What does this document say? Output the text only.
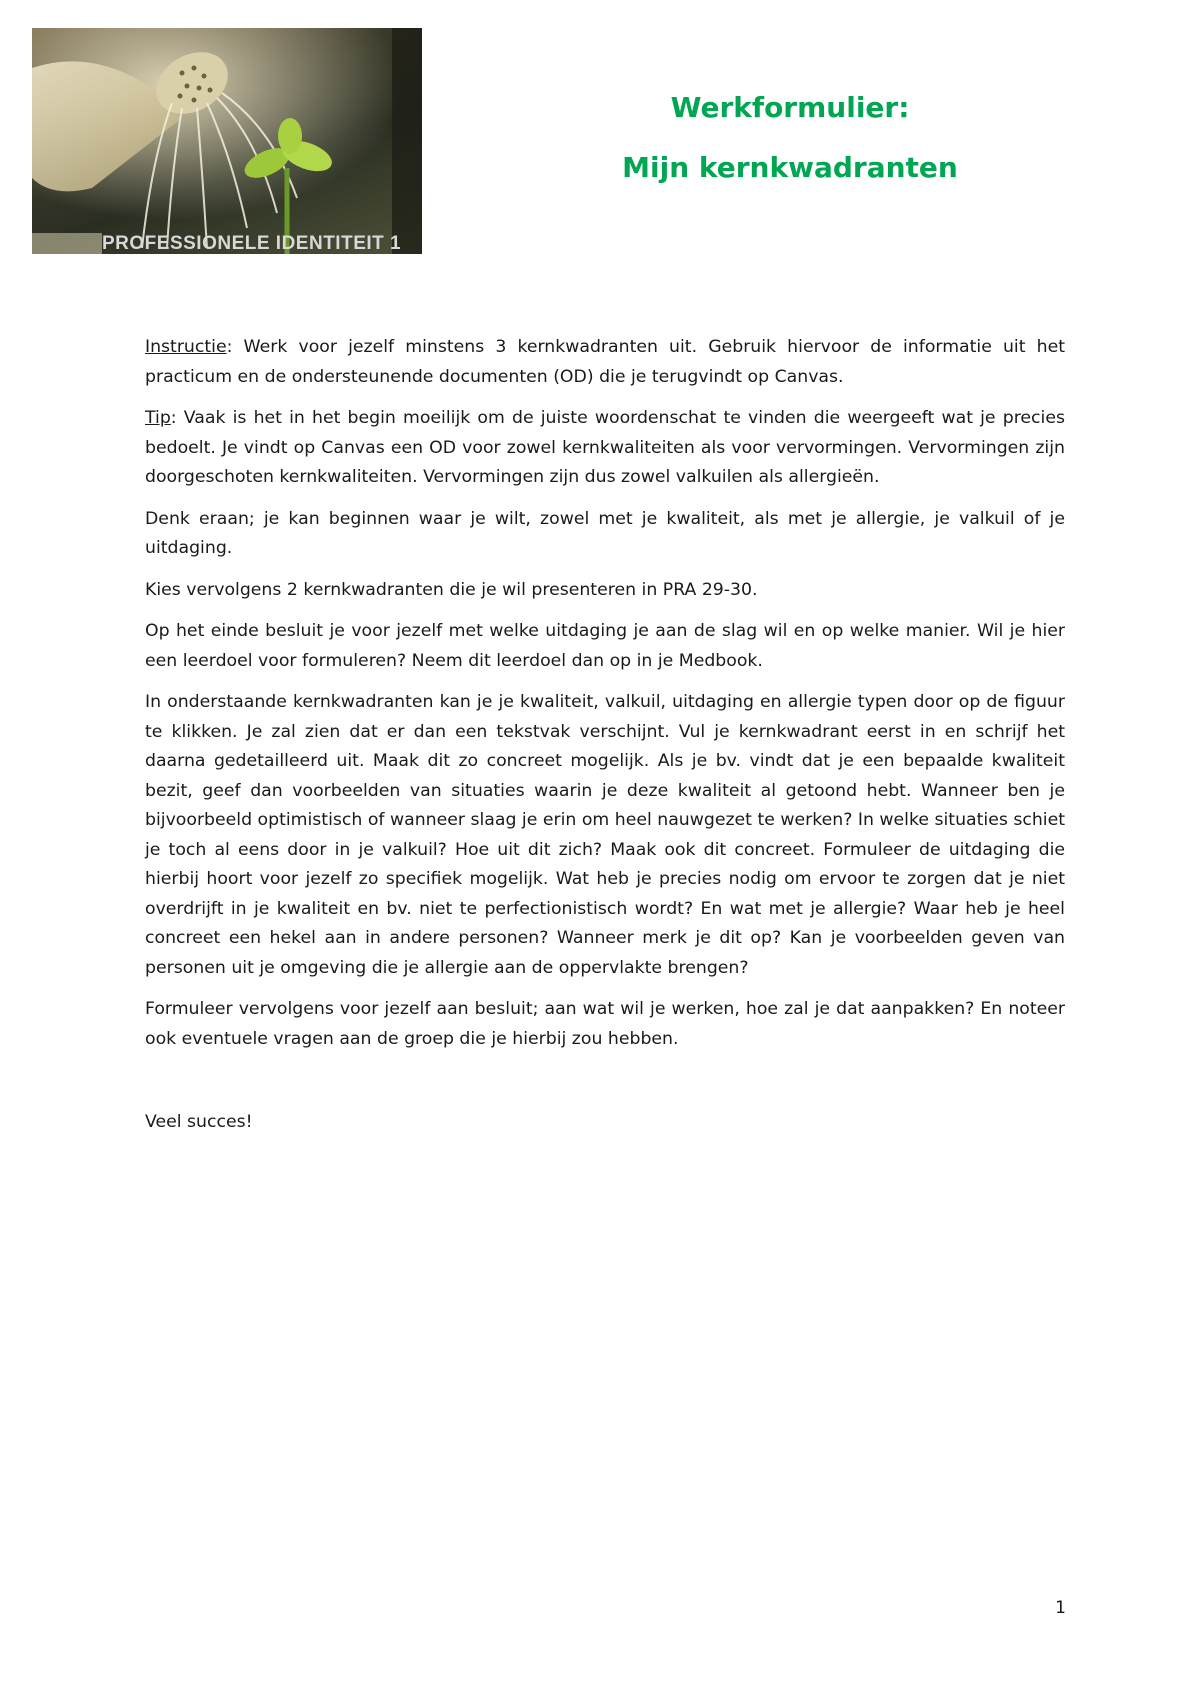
PROFESSIONELE IDENTITEIT 1
Werkformulier:
Mijn kernkwadranten

Instructie: Werk voor jezelf minstens 3 kernkwadranten uit. Gebruik hiervoor de informatie uit het practicum en de ondersteunende documenten (OD) die je terugvindt op Canvas.

Tip: Vaak is het in het begin moeilijk om de juiste woordenschat te vinden die weergeeft wat je precies bedoelt. Je vindt op Canvas een OD voor zowel kernkwaliteiten als voor vervormingen. Vervormingen zijn doorgeschoten kernkwaliteiten. Vervormingen zijn dus zowel valkuilen als allergieën.

Denk eraan; je kan beginnen waar je wilt, zowel met je kwaliteit, als met je allergie, je valkuil of je uitdaging.

Kies vervolgens 2 kernkwadranten die je wil presenteren in PRA 29-30.

Op het einde besluit je voor jezelf met welke uitdaging je aan de slag wil en op welke manier. Wil je hier een leerdoel voor formuleren? Neem dit leerdoel dan op in je Medbook.

In onderstaande kernkwadranten kan je je kwaliteit, valkuil, uitdaging en allergie typen door op de figuur te klikken. Je zal zien dat er dan een tekstvak verschijnt. Vul je kernkwadrant eerst in en schrijf het daarna gedetailleerd uit. Maak dit zo concreet mogelijk. Als je bv. vindt dat je een bepaalde kwaliteit bezit, geef dan voorbeelden van situaties waarin je deze kwaliteit al getoond hebt. Wanneer ben je bijvoorbeeld optimistisch of wanneer slaag je erin om heel nauwgezet te werken? In welke situaties schiet je toch al eens door in je valkuil? Hoe uit dit zich? Maak ook dit concreet. Formuleer de uitdaging die hierbij hoort voor jezelf zo specifiek mogelijk. Wat heb je precies nodig om ervoor te zorgen dat je niet overdrijft in je kwaliteit en bv. niet te perfectionistisch wordt? En wat met je allergie? Waar heb je heel concreet een hekel aan in andere personen? Wanneer merk je dit op? Kan je voorbeelden geven van personen uit je omgeving die je allergie aan de oppervlakte brengen?

Formuleer vervolgens voor jezelf aan besluit; aan wat wil je werken, hoe zal je dat aanpakken? En noteer ook eventuele vragen aan de groep die je hierbij zou hebben.

Veel succes!

1
